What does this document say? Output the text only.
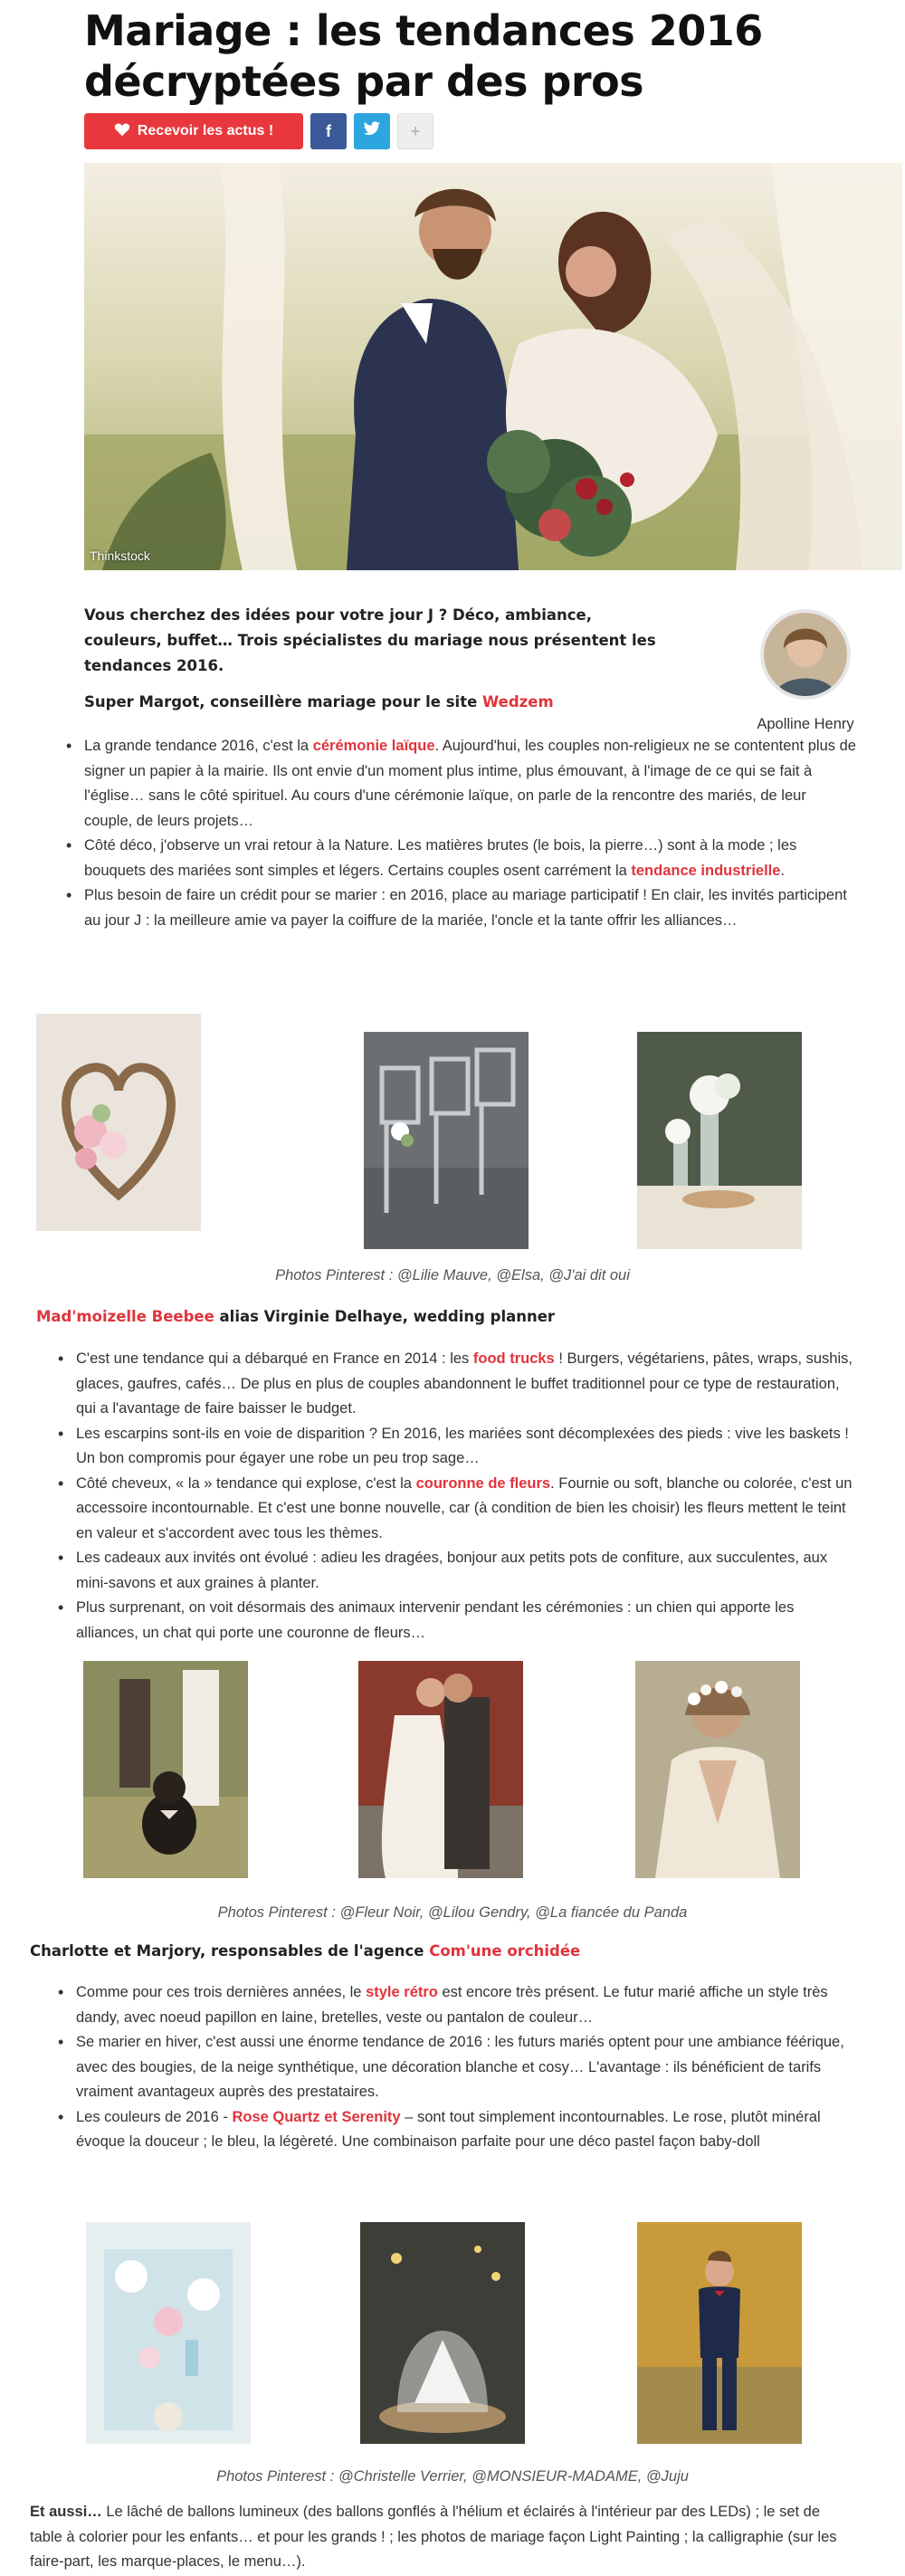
Mariage : les tendances 2016 décryptées par des pros
Recevoir les actus !	f	+
Thinkstock

Vous cherchez des idées pour votre jour J ? Déco, ambiance, couleurs, buffet… Trois spécialistes du mariage nous présentent les tendances 2016.

Apolline Henry
Super Margot, conseillère mariage pour le site Wedzem
• La grande tendance 2016, c'est la cérémonie laïque. Aujourd'hui, les couples non-religieux ne se contentent plus de signer un papier à la mairie. Ils ont envie d'un moment plus intime, plus émouvant, à l'image de ce qui se fait à l'église… sans le côté spirituel. Au cours d'une cérémonie laïque, on parle de la rencontre des mariés, de leur couple, de leurs projets…
• Côté déco, j'observe un vrai retour à la Nature. Les matières brutes (le bois, la pierre…) sont à la mode ; les bouquets des mariées sont simples et légers. Certains couples osent carrément la tendance industrielle.
• Plus besoin de faire un crédit pour se marier : en 2016, place au mariage participatif ! En clair, les invités participent au jour J : la meilleure amie va payer la coiffure de la mariée, l'oncle et la tante offrir les alliances…
Photos Pinterest : @Lilie Mauve, @Elsa, @J'ai dit oui
Mad'moizelle Beebee alias Virginie Delhaye, wedding planner
• C'est une tendance qui a débarqué en France en 2014 : les food trucks ! Burgers, végétariens, pâtes, wraps, sushis, glaces, gaufres, cafés… De plus en plus de couples abandonnent le buffet traditionnel pour ce type de restauration, qui a l'avantage de faire baisser le budget.
• Les escarpins sont-ils en voie de disparition ? En 2016, les mariées sont décomplexées des pieds : vive les baskets ! Un bon compromis pour égayer une robe un peu trop sage…
• Côté cheveux, « la » tendance qui explose, c'est la couronne de fleurs. Fournie ou soft, blanche ou colorée, c'est un accessoire incontournable. Et c'est une bonne nouvelle, car (à condition de bien les choisir) les fleurs mettent le teint en valeur et s'accordent avec tous les thèmes.
• Les cadeaux aux invités ont évolué : adieu les dragées, bonjour aux petits pots de confiture, aux succulentes, aux mini-savons et aux graines à planter.
• Plus surprenant, on voit désormais des animaux intervenir pendant les cérémonies : un chien qui apporte les alliances, un chat qui porte une couronne de fleurs…
Photos Pinterest : @Fleur Noir, @Lilou Gendry, @La fiancée du Panda
Charlotte et Marjory, responsables de l'agence Com'une orchidée
• Comme pour ces trois dernières années, le style rétro est encore très présent. Le futur marié affiche un style très dandy, avec noeud papillon en laine, bretelles, veste ou pantalon de couleur…
• Se marier en hiver, c'est aussi une énorme tendance de 2016 : les futurs mariés optent pour une ambiance féérique, avec des bougies, de la neige synthétique, une décoration blanche et cosy… L'avantage : ils bénéficient de tarifs vraiment avantageux auprès des prestataires.
• Les couleurs de 2016 - Rose Quartz et Serenity – sont tout simplement incontournables. Le rose, plutôt minéral évoque la douceur ; le bleu, la légèreté. Une combinaison parfaite pour une déco pastel façon baby-doll
Photos Pinterest : @Christelle Verrier, @MONSIEUR-MADAME, @Juju

Et aussi… Le lâché de ballons lumineux (des ballons gonflés à l'hélium et éclairés à l'intérieur par des LEDs) ; le set de table à colorier pour les enfants… et pour les grands ! ; les photos de mariage façon Light Painting ; la calligraphie (sur les faire-part, les marque-places, le menu…).
